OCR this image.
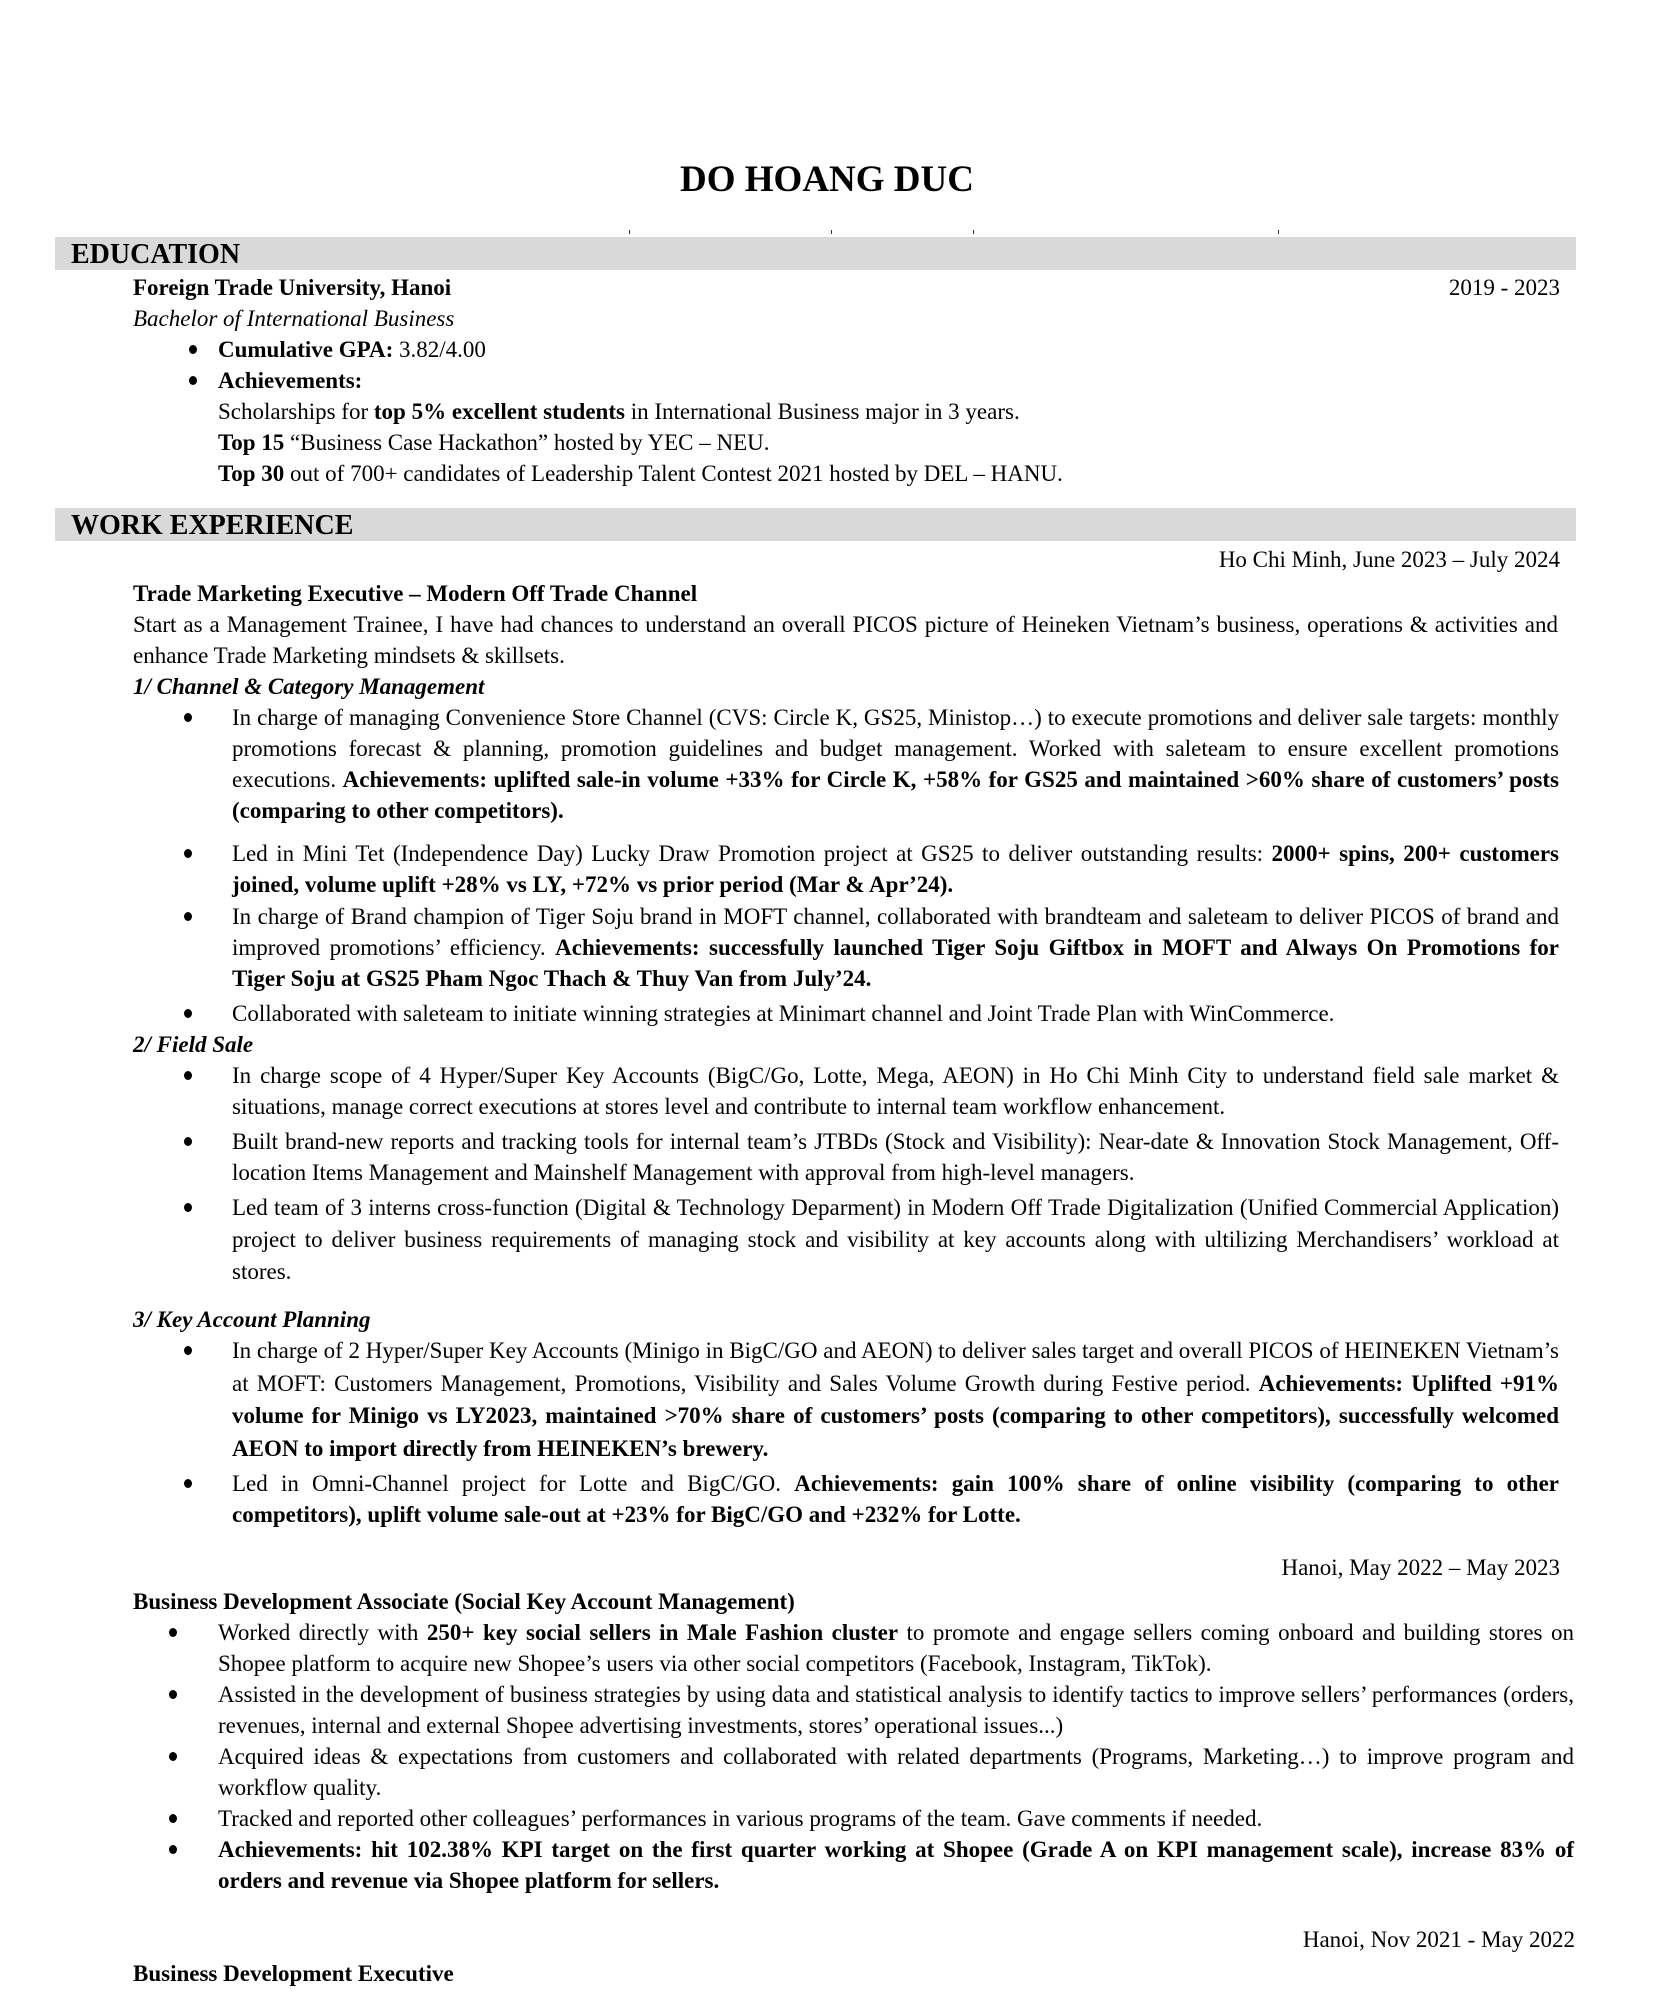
DO HOANG DUC
EDUCATION
Foreign Trade University, Hanoi	2019 - 2023
Bachelor of International Business
Cumulative GPA: 3.82/4.00
Achievements:
Scholarships for top 5% excellent students in International Business major in 3 years.
Top 15 “Business Case Hackathon” hosted by YEC – NEU.
Top 30 out of 700+ candidates of Leadership Talent Contest 2021 hosted by DEL – HANU.
WORK EXPERIENCE
Ho Chi Minh, June 2023 – July 2024
Trade Marketing Executive – Modern Off Trade Channel
Start as a Management Trainee, I have had chances to understand an overall PICOS picture of Heineken Vietnam’s business, operations & activities and enhance Trade Marketing mindsets & skillsets.
1/ Channel & Category Management
In charge of managing Convenience Store Channel (CVS: Circle K, GS25, Ministop…) to execute promotions and deliver sale targets: monthly promotions forecast & planning, promotion guidelines and budget management. Worked with saleteam to ensure excellent promotions executions. Achievements: uplifted sale-in volume +33% for Circle K, +58% for GS25 and maintained >60% share of customers’ posts (comparing to other competitors).
Led in Mini Tet (Independence Day) Lucky Draw Promotion project at GS25 to deliver outstanding results: 2000+ spins, 200+ customers joined, volume uplift +28% vs LY, +72% vs prior period (Mar & Apr’24).
In charge of Brand champion of Tiger Soju brand in MOFT channel, collaborated with brandteam and saleteam to deliver PICOS of brand and improved promotions’ efficiency. Achievements: successfully launched Tiger Soju Giftbox in MOFT and Always On Promotions for Tiger Soju at GS25 Pham Ngoc Thach & Thuy Van from July’24.
Collaborated with saleteam to initiate winning strategies at Minimart channel and Joint Trade Plan with WinCommerce.
2/ Field Sale
In charge scope of 4 Hyper/Super Key Accounts (BigC/Go, Lotte, Mega, AEON) in Ho Chi Minh City to understand field sale market & situations, manage correct executions at stores level and contribute to internal team workflow enhancement.
Built brand-new reports and tracking tools for internal team’s JTBDs (Stock and Visibility): Near-date & Innovation Stock Management, Off-location Items Management and Mainshelf Management with approval from high-level managers.
Led team of 3 interns cross-function (Digital & Technology Deparment) in Modern Off Trade Digitalization (Unified Commercial Application) project to deliver business requirements of managing stock and visibility at key accounts along with ultilizing Merchandisers’ workload at stores.
3/ Key Account Planning
In charge of 2 Hyper/Super Key Accounts (Minigo in BigC/GO and AEON) to deliver sales target and overall PICOS of HEINEKEN Vietnam’s at MOFT: Customers Management, Promotions, Visibility and Sales Volume Growth during Festive period. Achievements: Uplifted +91% volume for Minigo vs LY2023, maintained >70% share of customers’ posts (comparing to other competitors), successfully welcomed AEON to import directly from HEINEKEN’s brewery.
Led in Omni-Channel project for Lotte and BigC/GO. Achievements: gain 100% share of online visibility (comparing to other competitors), uplift volume sale-out at +23% for BigC/GO and +232% for Lotte.
Hanoi, May 2022 – May 2023
Business Development Associate (Social Key Account Management)
Worked directly with 250+ key social sellers in Male Fashion cluster to promote and engage sellers coming onboard and building stores on Shopee platform to acquire new Shopee’s users via other social competitors (Facebook, Instagram, TikTok).
Assisted in the development of business strategies by using data and statistical analysis to identify tactics to improve sellers’ performances (orders, revenues, internal and external Shopee advertising investments, stores’ operational issues...)
Acquired ideas & expectations from customers and collaborated with related departments (Programs, Marketing…) to improve program and workflow quality.
Tracked and reported other colleagues’ performances in various programs of the team. Gave comments if needed.
Achievements: hit 102.38% KPI target on the first quarter working at Shopee (Grade A on KPI management scale), increase 83% of orders and revenue via Shopee platform for sellers.
Hanoi, Nov 2021 - May 2022
Business Development Executive
